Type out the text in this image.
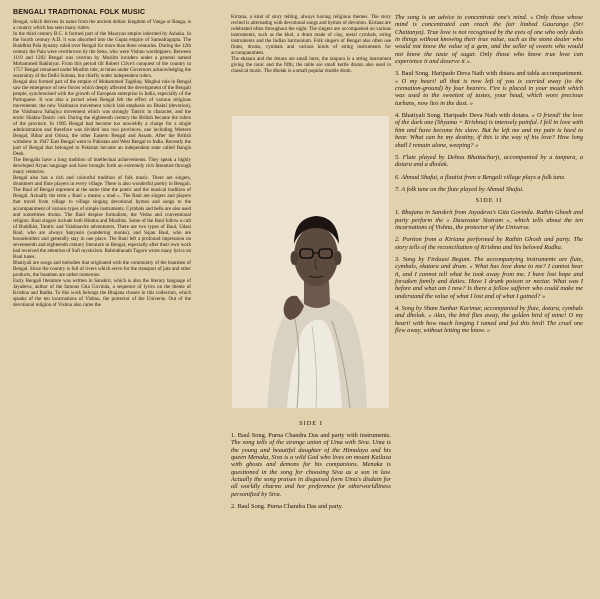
BENGALI TRADITIONAL FOLK MUSIC

Bengal, which derives its name from the ancient deltaic kingdom of Vanga or Banga, is a country which has seen many rulers.

In the third century B.C. it formed part of the Mauryan empire inherited by Ashoka. In the fourth century A.D. it was absorbed into the Gupta empire of Samudragupta. The Buddhist Pala dynasty ruled over Bengal for more than three centuries. During the 12th century the Pala were overthrown by the Sena, who were Vishnu worshippers. Between 1119 and 1202 Bengal was overrun by Muslim invaders under a general named Mohammed Bakhtiyar. From this period till Robert Clive's conquest of the country in 1757 Bengal remained under Muslim rule, at times under Governors acknowledging the suzerainty of the Delhi Sultans, but chiefly under independent rulers.

Bengal also formed part of the empire of Mohammed Tughluq. Mughul rule in Bengal saw the emergence of new forces which deeply affected the development of the Bengali people, synchronised with the growth of European enterprise in India, especially of the Portuguese. It was also a period when Bengal felt the effect of various religious movements; the new Vaishnava movement which laid emphasis on Bhakti (devotion), the Vaishnava Sahajiya movement which was strongly Tantric in character, and the erotic Shakta-Tantric cult. During the eighteenth century the British became the rulers of the province. In 1905 Bengal had become too unwieldly a charge for a single administration and therefore was divided into two provinces, one including Western Bengal, Bihar and Orissa, the other Eastern Bengal and Assam. After the British withdrew in 1947 East Bengal went to Pakistan and West Bengal to India. Recently the part of Bengal that belonged to Pakistan became an independent state called Bangla Desh.

The Bengalis have a long tradition of intellectual achievements. They speak a highly developed Aryan language and have brought forth an extremely rich literature through many centuries.

Bengal also has a rich and colourful tradition of folk music. There are singers, drummers and flute players in every village. There is also wonderful poetry in Bengali. The Baul of Bengal represent at the same time the poetic and the musical tradition of Bengal. Actually the term « Baul » means « mad ». The Baul are singers and players that travel from village to village singing devotional hymns and songs to the accompaniment of various types of simple instruments. Cymbals and bells are also used and sometimes drums. The Baul despise formalism, the Vedas and conventional religion. Baul singers include both Hindus and Muslims. Some of the Baul follow a cult of Buddhist, Tantric and Vaishnavite adventurers. There are two types of Baul, Udasi Baul, who are always Sanyasin (wandering monks), and Sujan Baul, who are householders and generally stay in one place. The Baul left a profound impression on seventeenth and eighteenth century literature in Bengal, especially after their own work had received the attention of Sufi mysticism. Rabindranath Tagore wrote many lyrics on Baul tunes.

Bhatiyali are songs and melodies that originated with the community of the boatmen of Bengal. Since the country is full of rivers which serve for the transport of jute and other products, the boatmen are rather numerous.

Early Bengali literature was written in Sanskrit, which is also the literary language of Jayadeva, author of the famous Gita Govinda, a sequence of lyrics on the theme of Krishna and Radha. To this work belongs the Bhajana chosen in this collection, which speaks of the ten incarnations of Vishnu, the protector of the Universe. Out of the devotional religion of Vishnu also came the

Kirtana, a kind of story telling, always having religious themes. The story recited is alternating with devotional songs and hymns of devotion. Kirtana are celebrated often throughout the night. The singers are accompanied on various instruments, such as the khol, a drum made of clay, metal cymbals, string instruments and the Indian harmonium. Folk singers of Bengal also often use flutes, drums, cymbals and various kinds of string instruments for accompaniment.

The ekatara and the dotara are small lutes, the tanpura is a string instrument giving the tonic and the fifth; the table are small kettle drums also used in classical music. The dholak is a small popular double drum.

SIDE I
1. Baul Song. Purna Chandra Das and party with instruments. The song tells of the strange union of Uma with Siva. Uma is the young and beautiful daughter of the Himalaya and his queen Menaka, Siva is a wild God who lives on mount Kailasa with ghosts and demons for his companions. Menaka is questioned in the song for choosing Siva as a son in law. Actually the song praises in disguised form Uma's disdain for all worldly charms and her preference for otherworldliness personified by Siva.
2. Baul Song. Purna Chandra Das and party.
The song is an advice to concentrate one's mind. « Only those whose mind is concentrated can reach the fair limbed Gaurango (Sri Chaitanya). True love is not recognised by the eyes of one who only deals in things without knowing their true value, such as the stone dealer who would not know the value of a gem, and the seller of sweets who would not know the taste of sugar. Only those who know true love can experience it and deserve it ».
3. Baul Song. Haripado Deva Nath with dotara and tabla accompaniment. « O my heart! all that is now left of you is carried away (to the cremation-ground) by four bearers. Fire is placed in your mouth which was used to the sweetest of tastes, your head, which wore precious turbans, now lies in the dust. »
4. Bhatiyali Song. Haripado Deva Nath with dotara. « O friend! the love of the dark one (Shyama = Krishna) is intensely painful. I fell in love with him and have become his slave. But he left me and my pain is hard to bear. What can be my destiny, if this is the way of his love? How long shall I remain alone, weeping? »
5. Flute played by Debou Bhattacharji, accompanied by a tanpura, a dotara and a dholak.
6. Ahmad Shafui, a flautist from a Bengali village plays a folk tune.
7. A folk tune on the flute played by Ahmad Shafui.
SIDE II
1. Bhajana in Sanskrit from Jayadeva's Gita Govinda. Rathin Ghosh and party perform the « Dasavatar Stotram », which tells about the ten incarnations of Vishnu, the protector of the Universe.
2. Portion from a Kirtana performed by Rathin Ghosh and party. The story tells of the reconciliation of Krishna and his beloved Radha.
3. Song by Firdausi Begum. The accompanying instruments are flute, cymbals, ekatara and drum. « What has love done to me? I cannot bear it, and I cannot tell what he took away from me. I have lost hope and forsaken family and duties. Have I drunk poison or nectar. What was I before and what am I now? Is there a fellow sufferer who could make me understand the value of what I lost and of what I gained? »
4. Song by Sham Sunhar Karimar, accompanied by flute, dotara, cymbals and dholak. « Alas, the bird flies away, the golden bird of mine! O my heart! with how much longing I tamed and fed this bird! The cruel one flew away, without letting me know. »
